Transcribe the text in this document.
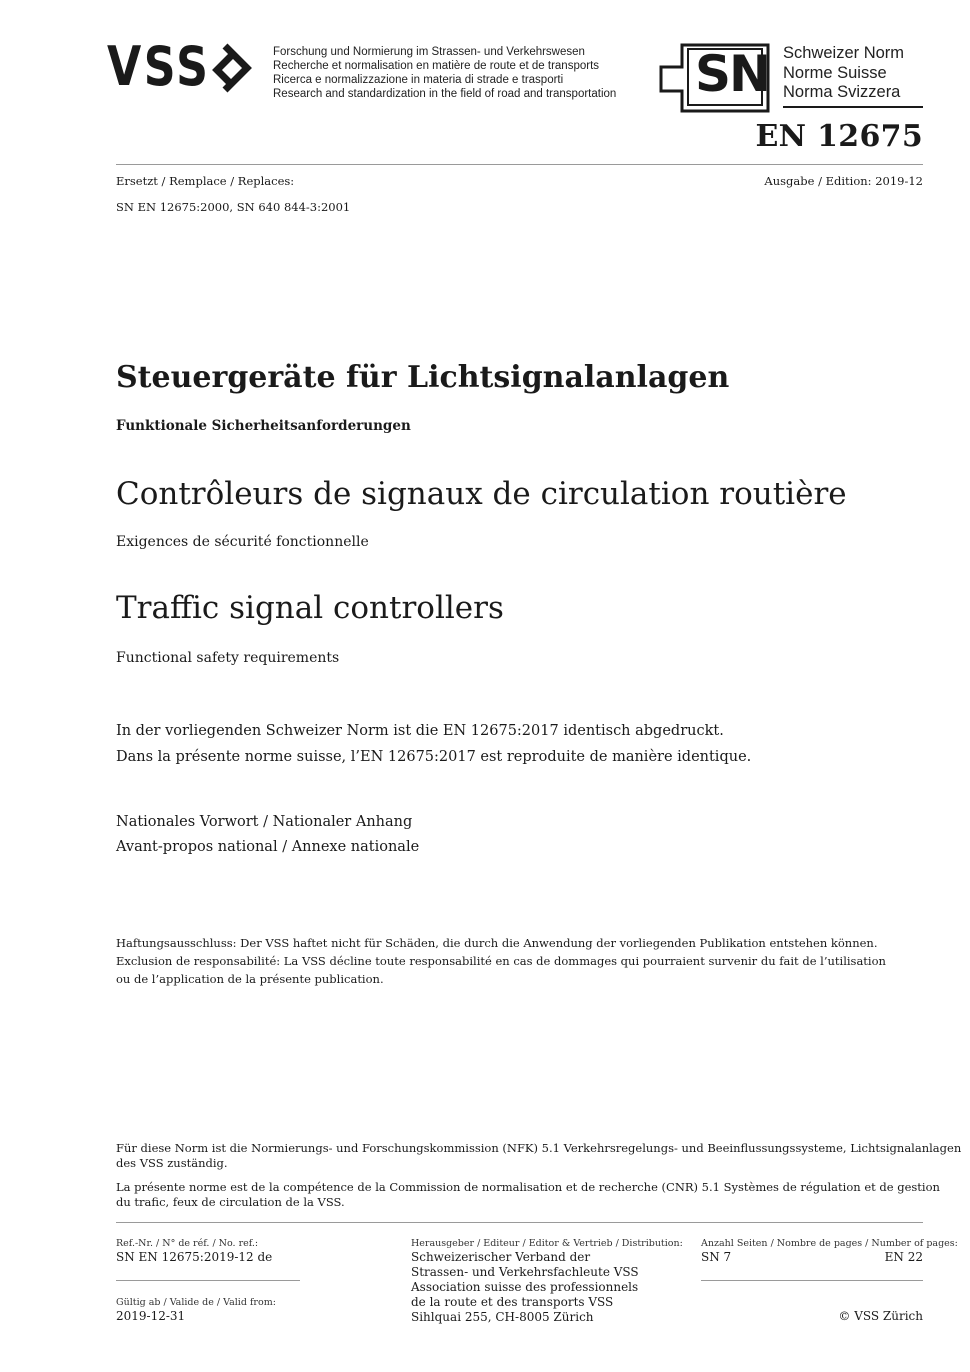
VSS	Forschung und Normierung im Strassen- und Verkehrswesen
Recherche et normalisation en matière de route et de transports
Ricerca e normalizzazione in materia di strade e trasporti
Research and standardization in the field of road and transportation SN Schweizer Norm
Norme Suisse
Norma Svizzera
EN 12675
Ersetzt / Remplace / Replaces:	Ausgabe / Edition: 2019-12
SN EN 12675:2000, SN 640 844-3:2001
Steuergeräte für Lichtsignalanlagen
Funktionale Sicherheitsanforderungen
Contrôleurs de signaux de circulation routière
Exigences de sécurité fonctionnelle
Traffic signal controllers
Functional safety requirements
In der vorliegenden Schweizer Norm ist die EN 12675:2017 identisch abgedruckt.
Dans la présente norme suisse, l’EN 12675:2017 est reproduite de manière identique.
Nationales Vorwort / Nationaler Anhang
Avant-propos national / Annexe nationale
Haftungsausschluss: Der VSS haftet nicht für Schäden, die durch die Anwendung der vorliegenden Publikation entstehen können.
Exclusion de responsabilité: La VSS décline toute responsabilité en cas de dommages qui pourraient survenir du fait de l’utilisation
ou de l’application de la présente publication.
Für diese Norm ist die Normierungs- und Forschungskommission (NFK) 5.1 Verkehrsregelungs- und Beeinflussungssysteme, Lichtsignalanlagen
des VSS zuständig.
La présente norme est de la compétence de la Commission de normalisation et de recherche (CNR) 5.1 Systèmes de régulation et de gestion
du trafic, feux de circulation de la VSS.
Ref.-Nr. / N° de réf. / No. ref.:
SN EN 12675:2019-12 de
Gültig ab / Valide de / Valid from:
2019-12-31
Herausgeber / Editeur / Editor & Vertrieb / Distribution:
Schweizerischer Verband der
Strassen- und Verkehrsfachleute VSS
Association suisse des professionnels
de la route et des transports VSS
Sihlquai 255, CH-8005 Zürich
Anzahl Seiten / Nombre de pages / Number of pages:
SN 7	EN 22
© VSS Zürich
